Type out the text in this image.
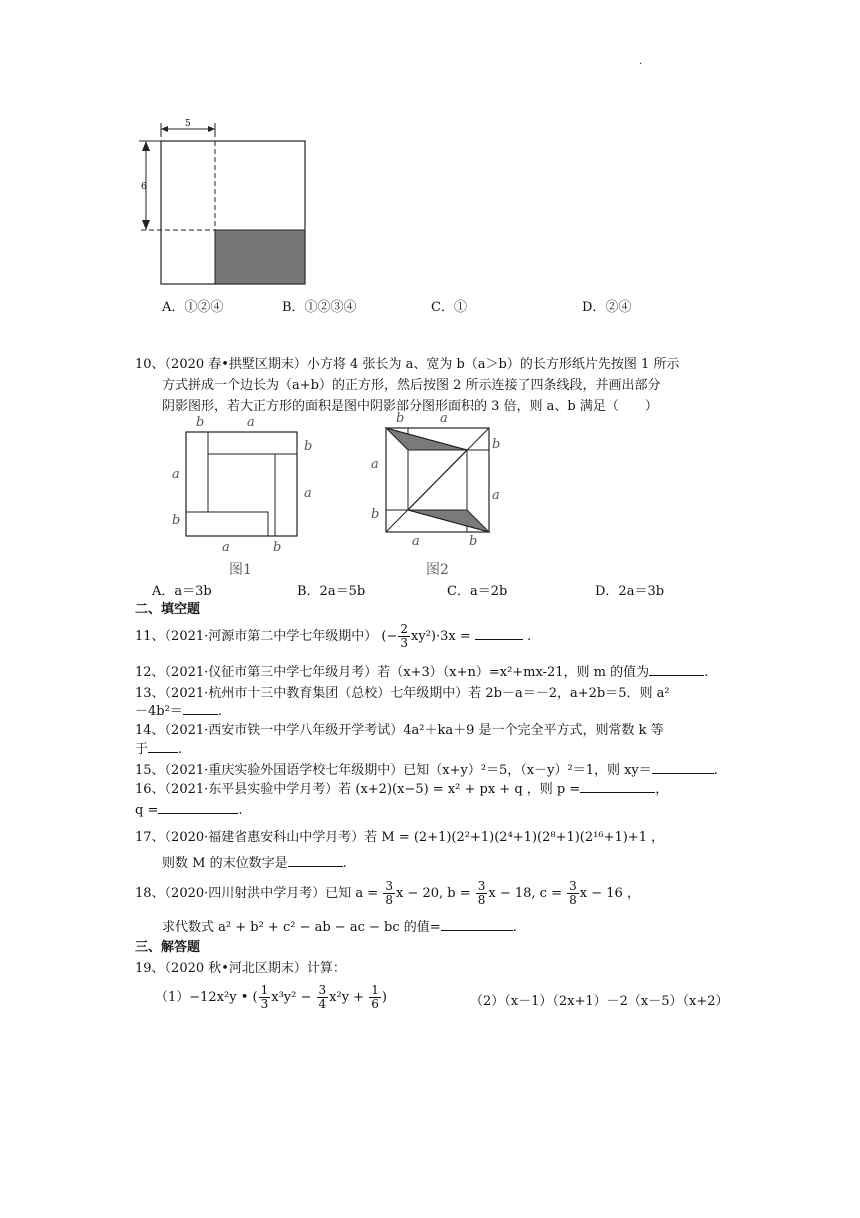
.
5
6
A．①②④	B．①②③④	C．①	D．②④
10、（2020 春•拱墅区期末）小方将 4 张长为 a、宽为 b（a＞b）的长方形纸片先按图 1 所示
方式拼成一个边长为（a+b）的正方形，然后按图 2 所示连接了四条线段，并画出部分
阴影图形，若大正方形的面积是图中阴影部分图形面积的 3 倍，则 a、b 满足（　　）
b	a
b
a
a
b
a	b
图1
b	a
b
a
a
b
a	b
图2
A．a＝3b	B．2a＝5b	C．a＝2b	D．2a＝3b
二、填空题
11、（2021·河源市第二中学七年级期中） (− $\frac{2}{3} xy^2)\cdot 3x$ =	.
12、（2021·仪征市第三中学七年级月考）若（x+3）（x+n）=x²+mx-21，则 m 的值为	.
13、（2021·杭州市十三中教育集团（总校）七年级期中）若 2b－a＝－2，a+2b＝5．则 a²
－4b²＝	.
14、（2021·西安市铁一中学八年级开学考试）4a²＋ka＋9 是一个完全平方式，则常数 k 等
于 .
15、（2021·重庆实验外国语学校七年级期中）已知（x+y）²＝5，（x－y）²＝1，则 xy＝	.
16、（2021·东平县实验中学月考）若 (x+2)(x−5) = x² + px + q ，则 p =	，
q =	.
17、（2020·福建省惠安科山中学月考）若 M = (2+1)(2²+1)(2⁴+1)(2⁸+1)(2¹⁶+1)+1 ，
则数 M 的末位数字是	.
18、（2020·四川射洪中学月考）已知 $a = \frac{3}{8}$ x − 20, $b = \frac{3}{8}$ x − 18, $c = \frac{3}{8}$ x − 16 ，
求代数式 a² + b² + c² − ab − ac − bc 的值=	.
三、解答题
19、（2020 秋•河北区期末）计算：
（1）−12x²y • ( $\frac{1}{3} x^3y^2 - \frac{3}{4} x^2y + \frac{1}{6}$ )	（2）（x－1）（2x+1）－2（x－5）（x+2）
